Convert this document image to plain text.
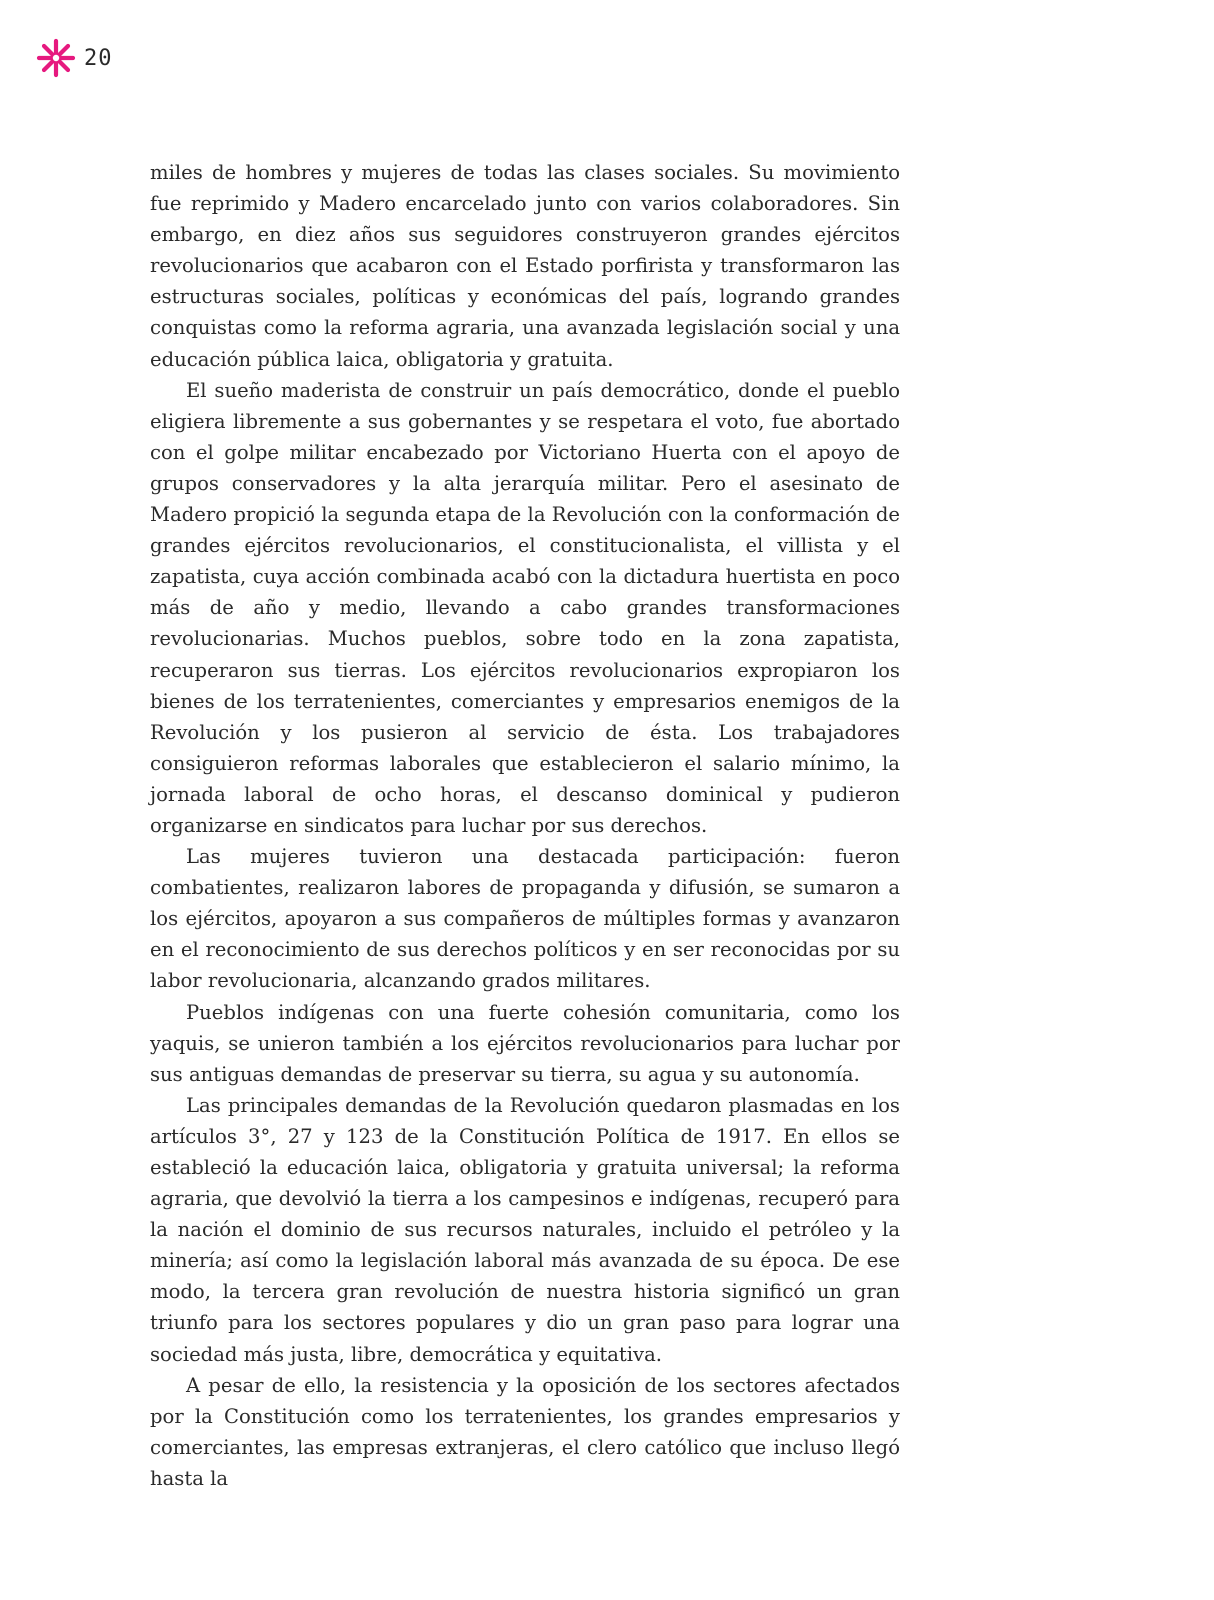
20

miles de hombres y mujeres de todas las clases sociales. Su movimiento fue reprimido y Madero encarcelado junto con varios colaboradores. Sin embargo, en diez años sus seguidores construyeron grandes ejércitos revolucionarios que acabaron con el Estado porfirista y transformaron las estructuras sociales, políticas y económicas del país, logrando grandes conquistas como la reforma agraria, una avanzada legislación social y una educación pública laica, obligatoria y gratuita.

El sueño maderista de construir un país democrático, donde el pueblo eligiera libremente a sus gobernantes y se respetara el voto, fue abortado con el golpe militar encabezado por Victoriano Huerta con el apoyo de grupos conservadores y la alta jerarquía militar. Pero el asesinato de Madero propició la segunda etapa de la Revolución con la conformación de grandes ejércitos revolucionarios, el constitucionalista, el villista y el zapatista, cuya acción combinada acabó con la dictadura huertista en poco más de año y medio, llevando a cabo grandes transformaciones revolucionarias. Muchos pueblos, sobre todo en la zona zapatista, recuperaron sus tierras. Los ejércitos revolucionarios expropiaron los bienes de los terratenientes, comerciantes y empresarios enemigos de la Revolución y los pusieron al servicio de ésta. Los trabajadores consiguieron reformas laborales que establecieron el salario mínimo, la jornada laboral de ocho horas, el descanso dominical y pudieron organizarse en sindicatos para luchar por sus derechos.

Las mujeres tuvieron una destacada participación: fueron combatientes, realizaron labores de propaganda y difusión, se sumaron a los ejércitos, apoyaron a sus compañeros de múltiples formas y avanzaron en el reconocimiento de sus derechos políticos y en ser reconocidas por su labor revolucionaria, alcanzando grados militares.

Pueblos indígenas con una fuerte cohesión comunitaria, como los yaquis, se unieron también a los ejércitos revolucionarios para luchar por sus antiguas demandas de preservar su tierra, su agua y su autonomía.

Las principales demandas de la Revolución quedaron plasmadas en los artículos 3°, 27 y 123 de la Constitución Política de 1917. En ellos se estableció la educación laica, obligatoria y gratuita universal; la reforma agraria, que devolvió la tierra a los campesinos e indígenas, recuperó para la nación el dominio de sus recursos naturales, incluido el petróleo y la minería; así como la legislación laboral más avanzada de su época. De ese modo, la tercera gran revolución de nuestra historia significó un gran triunfo para los sectores populares y dio un gran paso para lograr una sociedad más justa, libre, democrática y equitativa.

A pesar de ello, la resistencia y la oposición de los sectores afectados por la Constitución como los terratenientes, los grandes empresarios y comerciantes, las empresas extranjeras, el clero católico que incluso llegó hasta la
